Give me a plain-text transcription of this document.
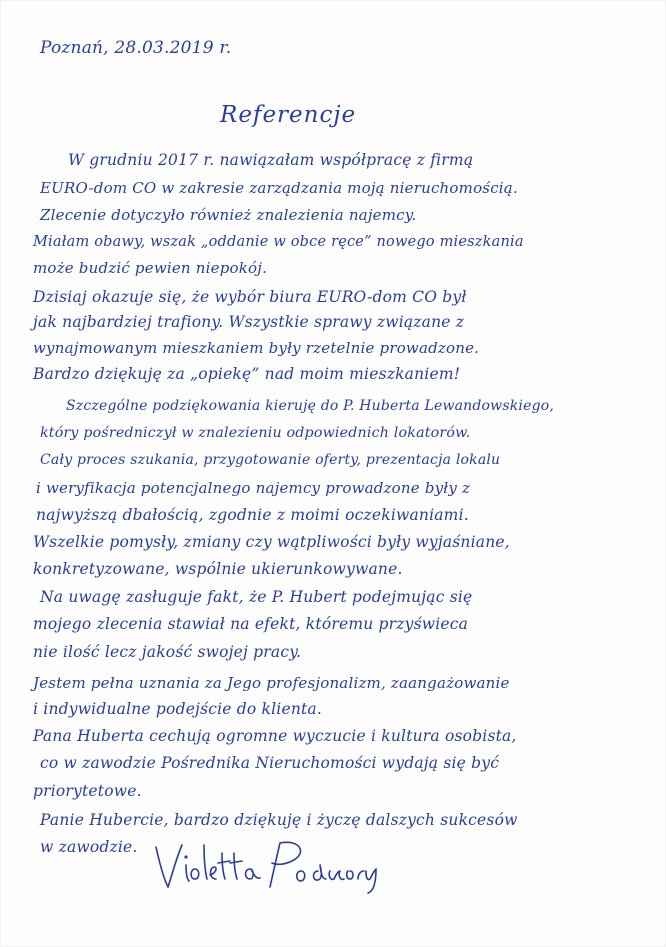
Poznań, 28.03.2019 r.
Referencje
W grudniu 2017 r. nawiązałam współpracę z firmą
EURO-dom CO w zakresie zarządzania moją nieruchomością.
Zlecenie dotyczyło również znalezienia najemcy.
Miałam obawy, wszak „oddanie w obce ręce” nowego mieszkania
może budzić pewien niepokój.
Dzisiaj okazuje się, że wybór biura EURO-dom CO był
jak najbardziej trafiony. Wszystkie sprawy związane z
wynajmowanym mieszkaniem były rzetelnie prowadzone.
Bardzo dziękuję za „opiekę” nad moim mieszkaniem!
Szczególne podziękowania kieruję do P. Huberta Lewandowskiego,
który pośredniczył w znalezieniu odpowiednich lokatorów.
Cały proces szukania, przygotowanie oferty, prezentacja lokalu
i weryfikacja potencjalnego najemcy prowadzone były z
najwyższą dbałością, zgodnie z moimi oczekiwaniami.
Wszelkie pomysły, zmiany czy wątpliwości były wyjaśniane,
konkretyzowane, wspólnie ukierunkowywane.
Na uwagę zasługuje fakt, że P. Hubert podejmując się
mojego zlecenia stawiał na efekt, któremu przyświeca
nie ilość lecz jakość swojej pracy.
Jestem pełna uznania za Jego profesjonalizm, zaangażowanie
i indywidualne podejście do klienta.
Pana Huberta cechują ogromne wyczucie i kultura osobista,
co w zawodzie Pośrednika Nieruchomości wydają się być
priorytetowe.
Panie Hubercie, bardzo dziękuję i życzę dalszych sukcesów
w zawodzie.
